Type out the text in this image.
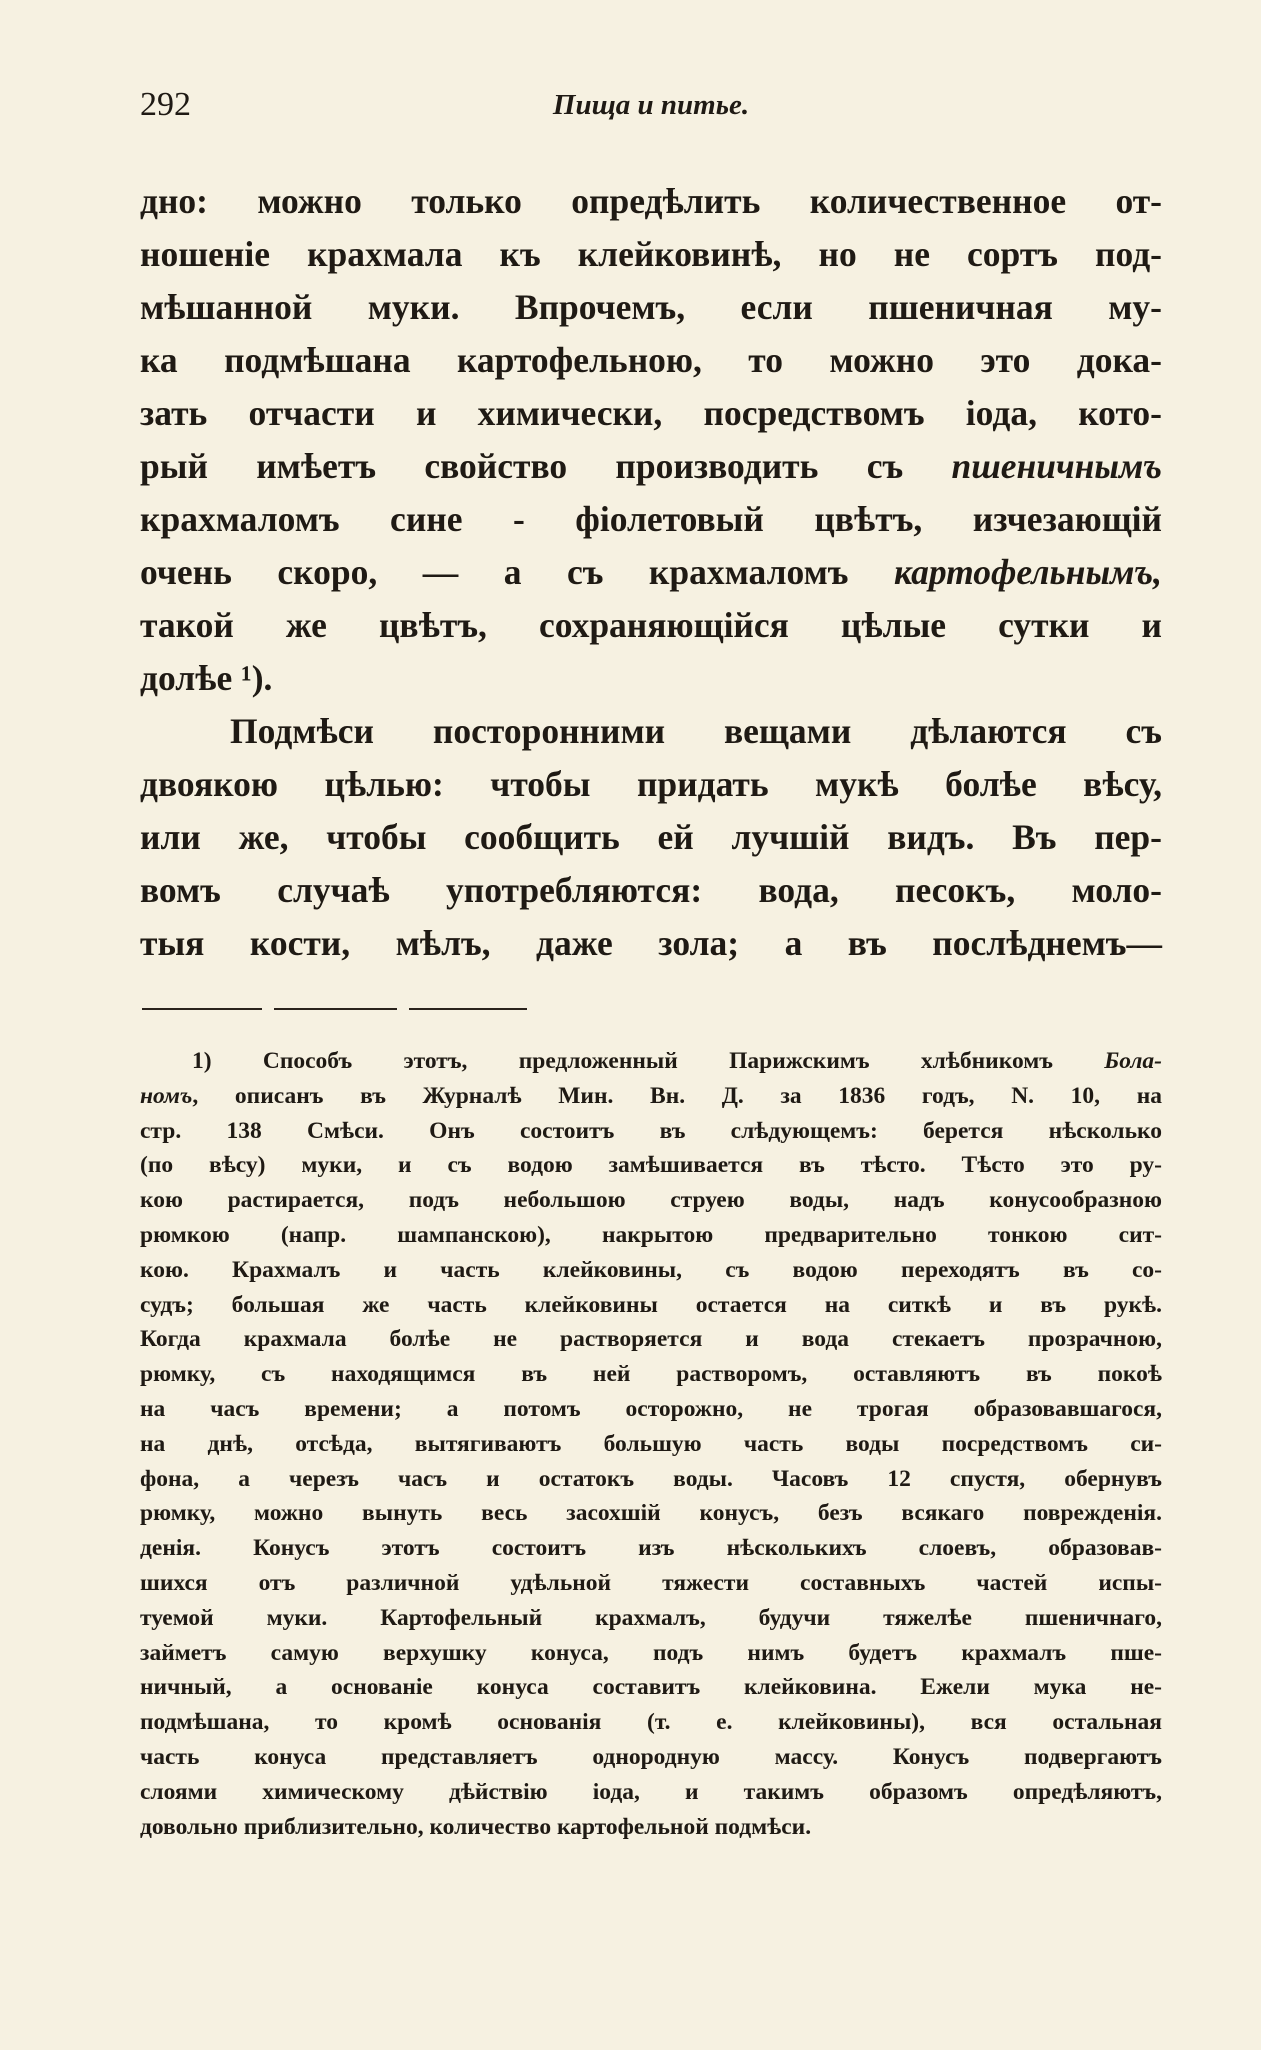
292	Пища и питье.
дно: можно только опредѣлить количественное от-
ношеніе крахмала къ клейковинѣ, но не сортъ под-
мѣшанной муки. Впрочемъ, если пшеничная му-
ка подмѣшана картофельною, то можно это дока-
зать отчасти и химически, посредствомъ іода, кото-
рый имѣетъ свойство производить съ пшеничнымъ
крахмаломъ сине - фіолетовый цвѣтъ, изчезающій
очень скоро, — а съ крахмаломъ картофельнымъ,
такой же цвѣтъ, сохраняющійся цѣлые сутки и
долѣе ¹).
Подмѣси посторонними вещами дѣлаются съ
двоякою цѣлью: чтобы придать мукѣ болѣе вѣсу,
или же, чтобы сообщить ей лучшій видъ. Въ пер-
вомъ случаѣ употребляются: вода, песокъ, моло-
тыя кости, мѣлъ, даже зола; а въ послѣднемъ—
1) Способъ этотъ, предложенный Парижскимъ хлѣбникомъ Бола-
номъ, описанъ въ Журналѣ Мин. Вн. Д. за 1836 годъ, N. 10, на
стр. 138 Смѣси. Онъ состоитъ въ слѣдующемъ: берется нѣсколько
(по вѣсу) муки, и съ водою замѣшивается въ тѣсто. Тѣсто это ру-
кою растирается, подъ небольшою струею воды, надъ конусообразною
рюмкою (напр. шампанскою), накрытою предварительно тонкою сит-
кою. Крахмалъ и часть клейковины, съ водою переходятъ въ со-
судъ; большая же часть клейковины остается на ситкѣ и въ рукѣ.
Когда крахмала болѣе не растворяется и вода стекаетъ прозрачною,
рюмку, съ находящимся въ ней растворомъ, оставляютъ въ покоѣ
на часъ времени; а потомъ осторожно, не трогая образовавшагося,
на днѣ, отсѣда, вытягиваютъ большую часть воды посредствомъ си-
фона, а черезъ часъ и остатокъ воды. Часовъ 12 спустя, обернувъ
рюмку, можно вынуть весь засохшій конусъ, безъ всякаго поврежденія.
денія. Конусъ этотъ состоитъ изъ нѣсколькихъ слоевъ, образовав-
шихся отъ различной удѣльной тяжести составныхъ частей испы-
туемой муки. Картофельный крахмалъ, будучи тяжелѣе пшеничнаго,
займетъ самую верхушку конуса, подъ нимъ будетъ крахмалъ пше-
ничный, а основаніе конуса составитъ клейковина. Ежели мука не-
подмѣшана, то кромѣ основанія (т. е. клейковины), вся остальная
часть конуса представляетъ однородную массу. Конусъ подвергаютъ
слоями химическому дѣйствію іода, и такимъ образомъ опредѣляютъ,
довольно приблизительно, количество картофельной подмѣси.
